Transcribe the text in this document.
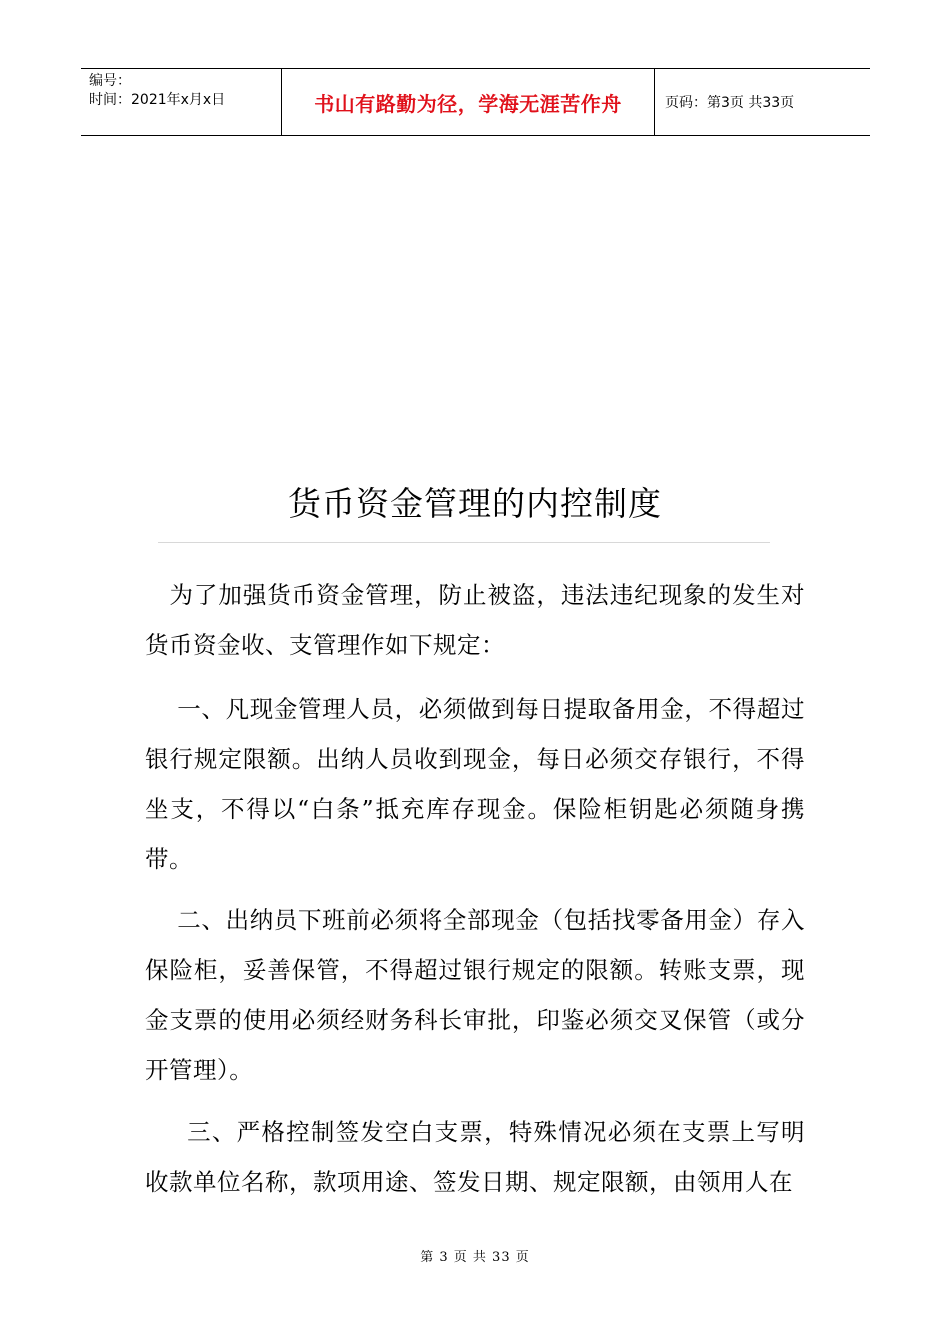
编号：
时间：2021年x月x日	书山有路勤为径，学海无涯苦作舟	页码：第3页 共33页
货币资金管理的内控制度

　为了加强货币资金管理，防止被盗，违法违纪现象的发生对货币资金收、支管理作如下规定：

　 一、凡现金管理人员，必须做到每日提取备用金，不得超过银行规定限额。出纳人员收到现金，每日必须交存银行，不得坐支，不得以“白条”抵充库存现金。保险柜钥匙必须随身携带。

　 二、出纳员下班前必须将全部现金（包括找零备用金）存入保险柜，妥善保管，不得超过银行规定的限额。转账支票，现金支票的使用必须经财务科长审批，印鉴必须交叉保管（或分开管理）。

　  三、严格控制签发空白支票，特殊情况必须在支票上写明收款单位名称，款项用途、签发日期、规定限额，由领用人在

第 3 页 共 33 页
